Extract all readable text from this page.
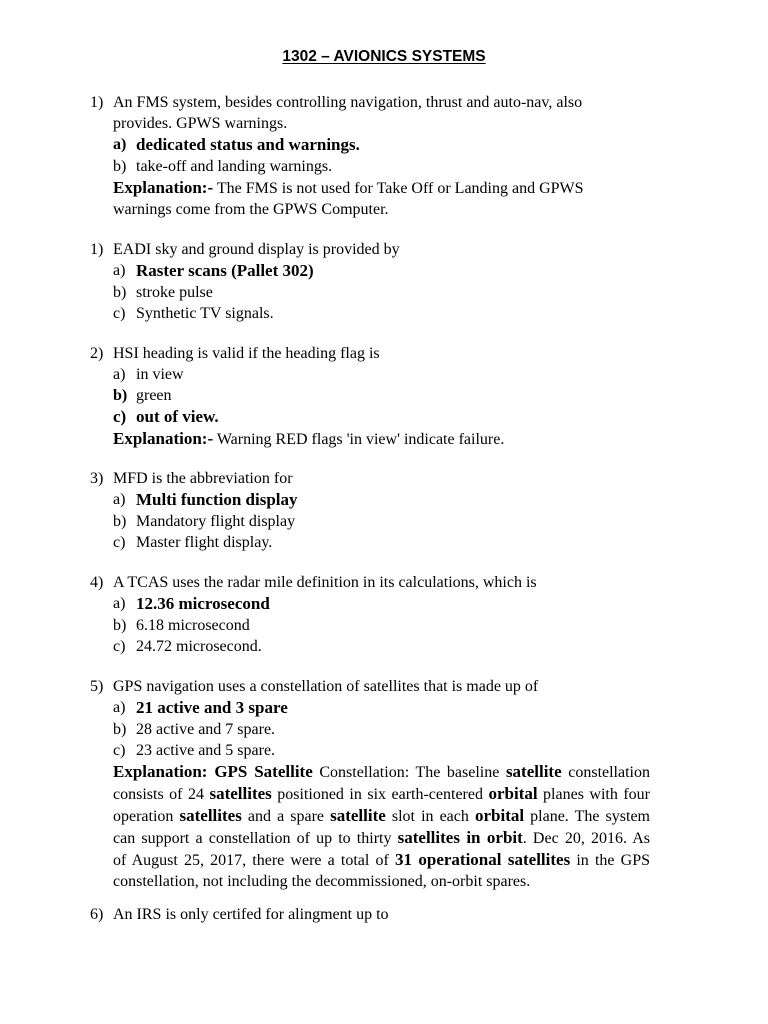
1302 – AVIONICS SYSTEMS
1) An FMS system, besides controlling navigation, thrust and auto-nav, also
provides. GPWS warnings.
a) dedicated status and warnings.
b) take-off and landing warnings.
Explanation:- The FMS is not used for Take Off or Landing and GPWS
warnings come from the GPWS Computer.
1) EADI sky and ground display is provided by
a) Raster scans (Pallet 302)
b) stroke pulse
c) Synthetic TV signals.
2) HSI heading is valid if the heading flag is
a) in view
b) green
c) out of view.
Explanation:- Warning RED flags 'in view' indicate failure.
3) MFD is the abbreviation for
a) Multi function display
b) Mandatory flight display
c) Master flight display.
4) A TCAS uses the radar mile definition in its calculations, which is
a) 12.36 microsecond
b) 6.18 microsecond
c) 24.72 microsecond.
5) GPS navigation uses a constellation of satellites that is made up of
a) 21 active and 3 spare
b) 28 active and 7 spare.
c) 23 active and 5 spare.
Explanation: GPS Satellite Constellation: The baseline satellite constellation
consists of 24 satellites positioned in six earth-centered orbital planes with four
operation satellites and a spare satellite slot in each orbital plane. The system
can support a constellation of up to thirty satellites in orbit. Dec 20, 2016. As
of August 25, 2017, there were a total of 31 operational satellites in the GPS
constellation, not including the decommissioned, on-orbit spares.
6) An IRS is only certifed for alingment up to
